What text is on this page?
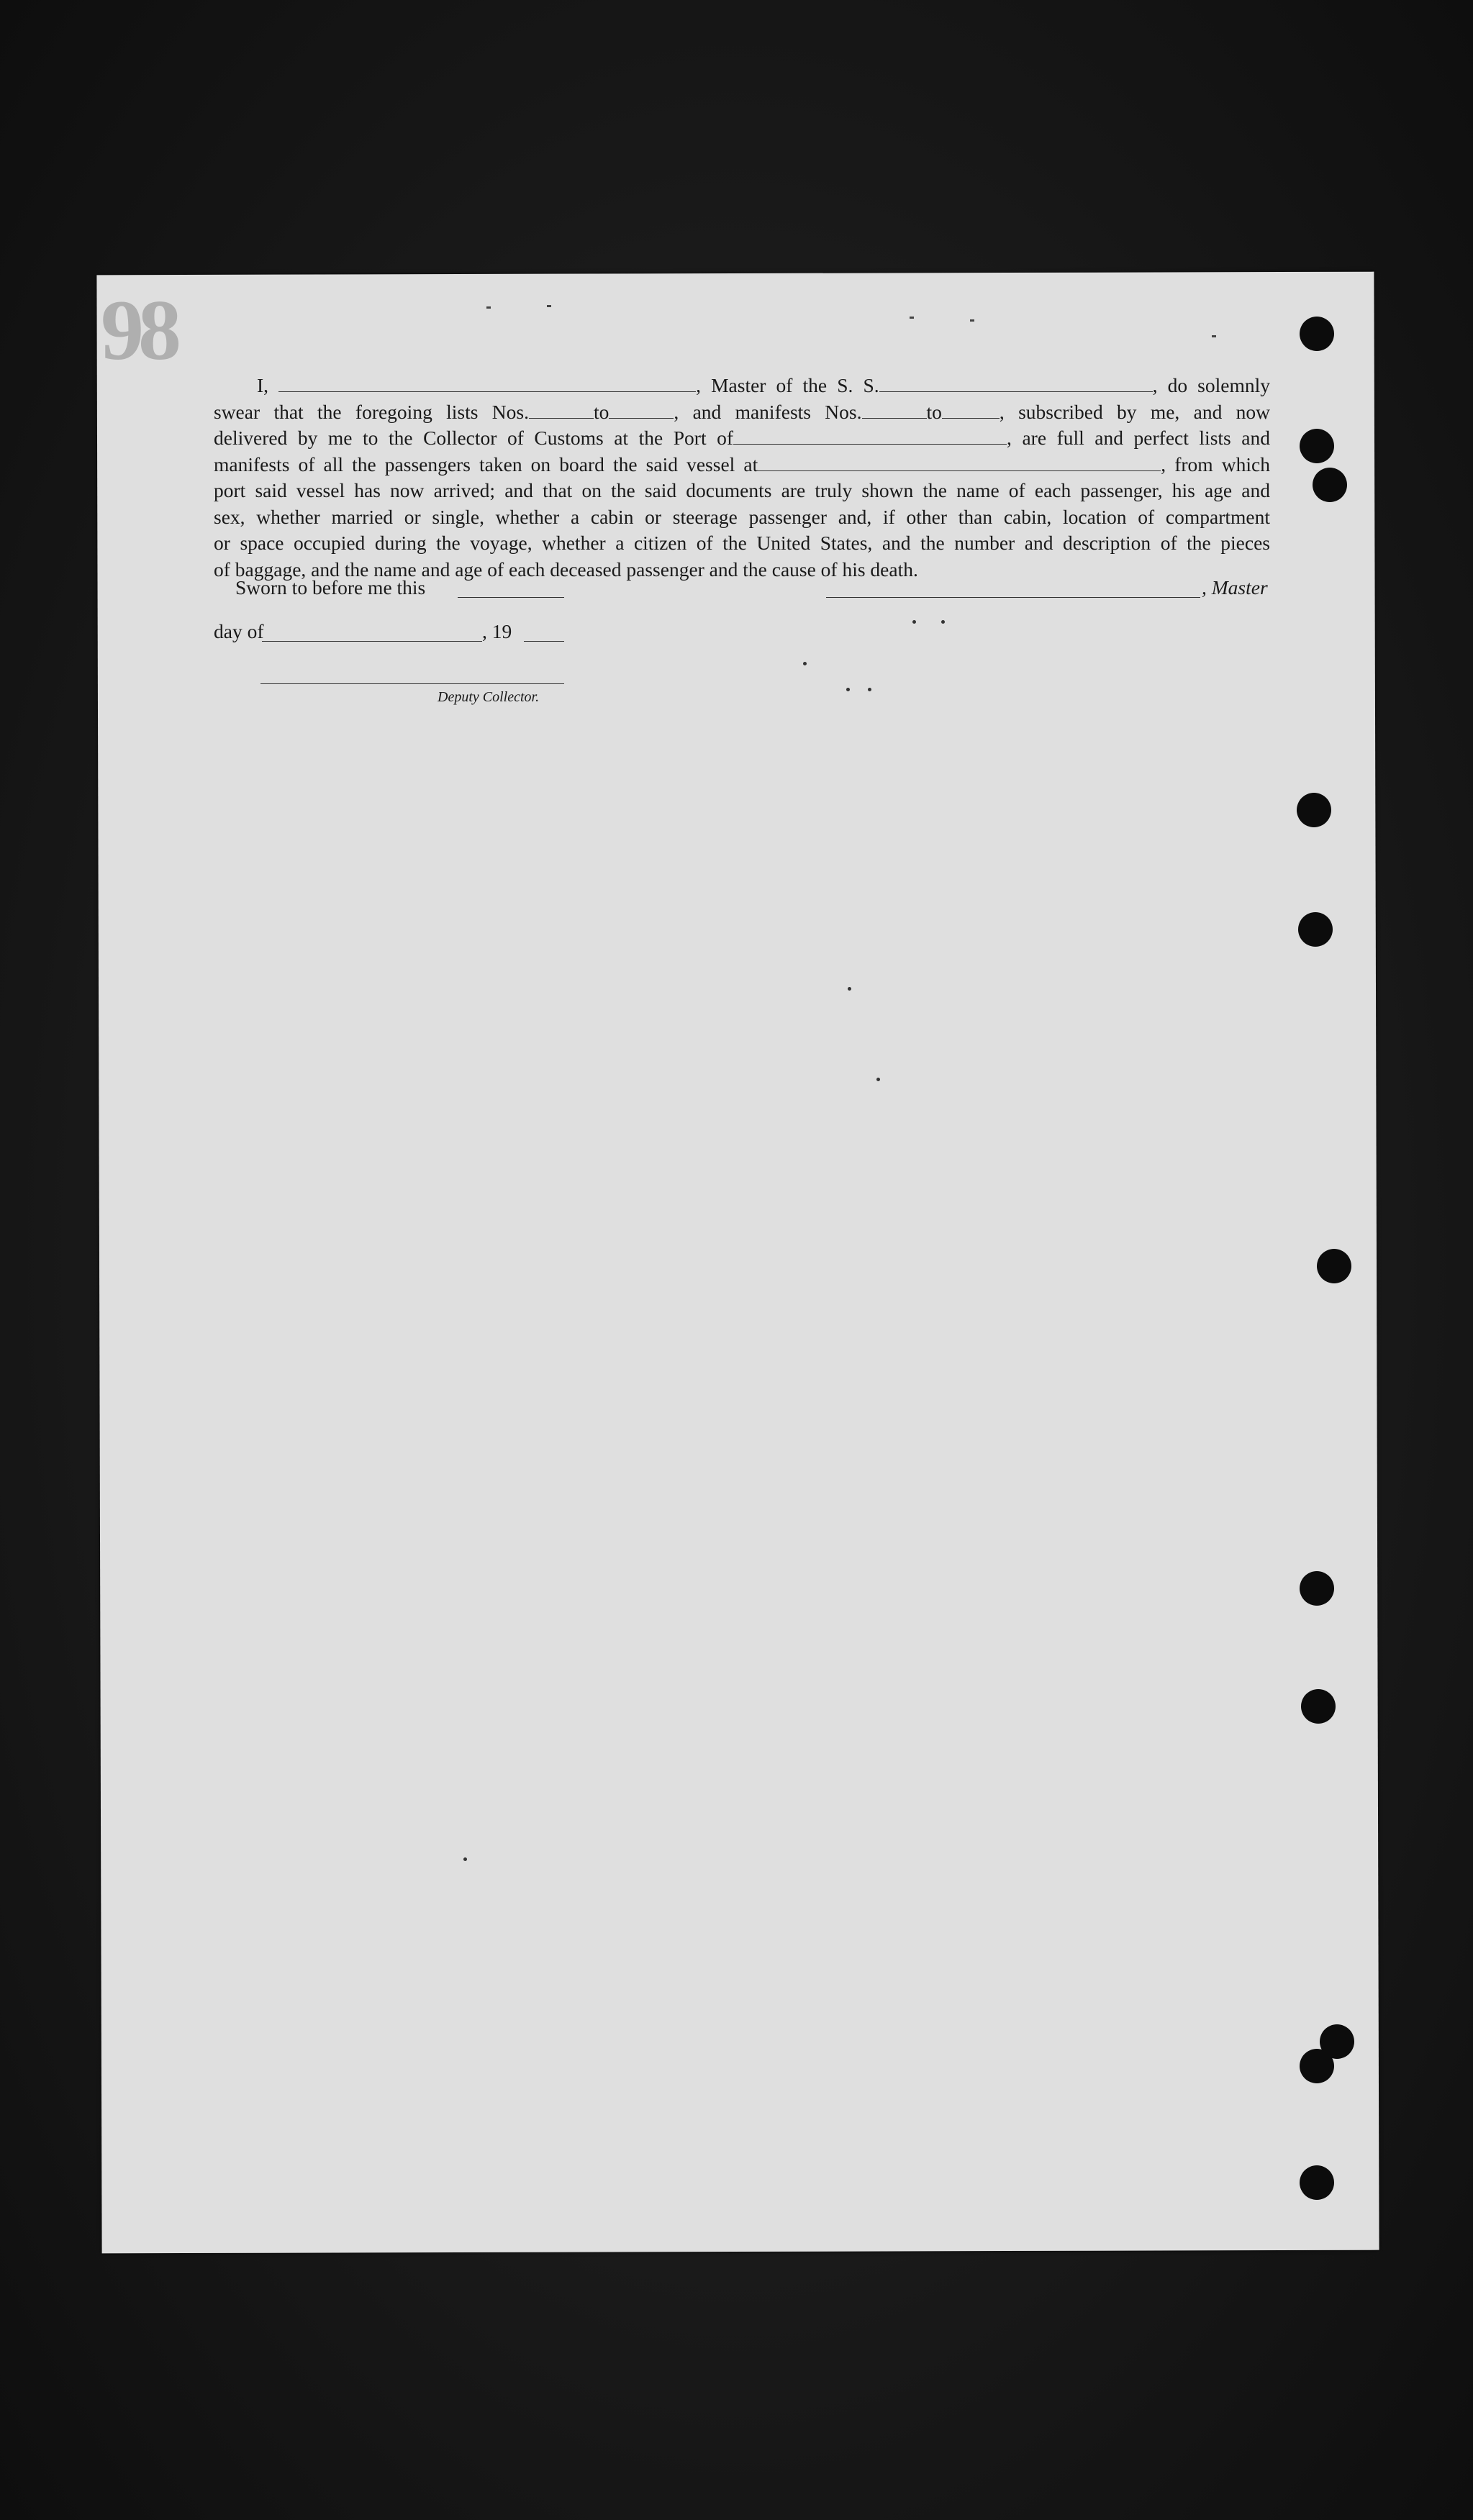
98
I,	, Master of the S. S.	, do solemnly
swear that the foregoing lists Nos.	to	, and manifests Nos.	to	, subscribed by me, and now
delivered by me to the Collector of Customs at the Port of	, are full and perfect lists and
manifests of all the passengers taken on board the said vessel at	, from which
port said vessel has now arrived; and that on the said documents are truly shown the name of each passenger, his age and
sex, whether married or single, whether a cabin or steerage passenger and, if other than cabin, location of compartment
or space occupied during the voyage, whether a citizen of the United States, and the number and description of the pieces
of baggage, and the name and age of each deceased passenger and the cause of his death.
Sworn to before me this	, Master
day of	, 19
Deputy Collector.
